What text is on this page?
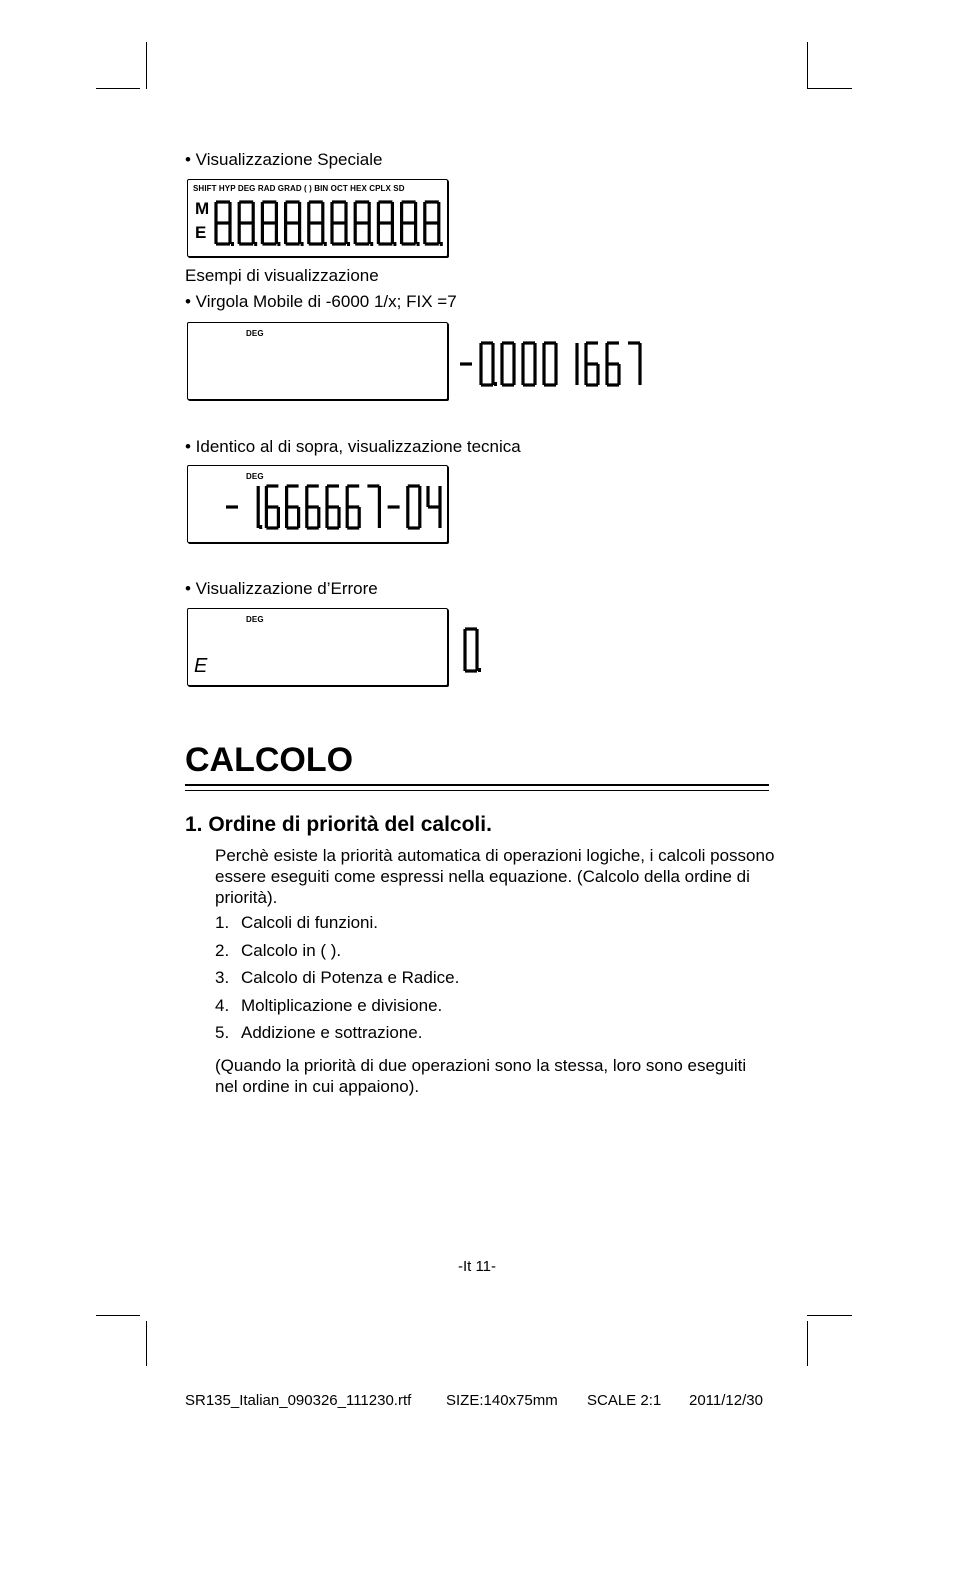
• Visualizzazione Speciale
SHIFT HYP DEG RAD GRAD ( ) BIN OCT HEX CPLX SD
M
E
Esempi di visualizzazione
• Virgola Mobile di -6000 1/x; FIX =7
DEG
• Identico al di sopra, visualizzazione tecnica
DEG
• Visualizzazione d’Errore
DEG
E
CALCOLO
1. Ordine di priorità del calcoli.
Perchè esiste la priorità automatica di operazioni logiche, i calcoli possono essere eseguiti come espressi nella equazione. (Calcolo della ordine di priorità).
1. Calcoli di funzioni.
2. Calcolo in ( ).
3. Calcolo di Potenza e Radice.
4. Moltiplicazione e divisione.
5. Addizione e sottrazione.
(Quando la priorità di due operazioni sono la stessa, loro sono eseguiti nel ordine in cui appaiono).
-It 11-
SR135_Italian_090326_111230.rtf SIZE:140x75mm SCALE 2:1 2011/12/30
